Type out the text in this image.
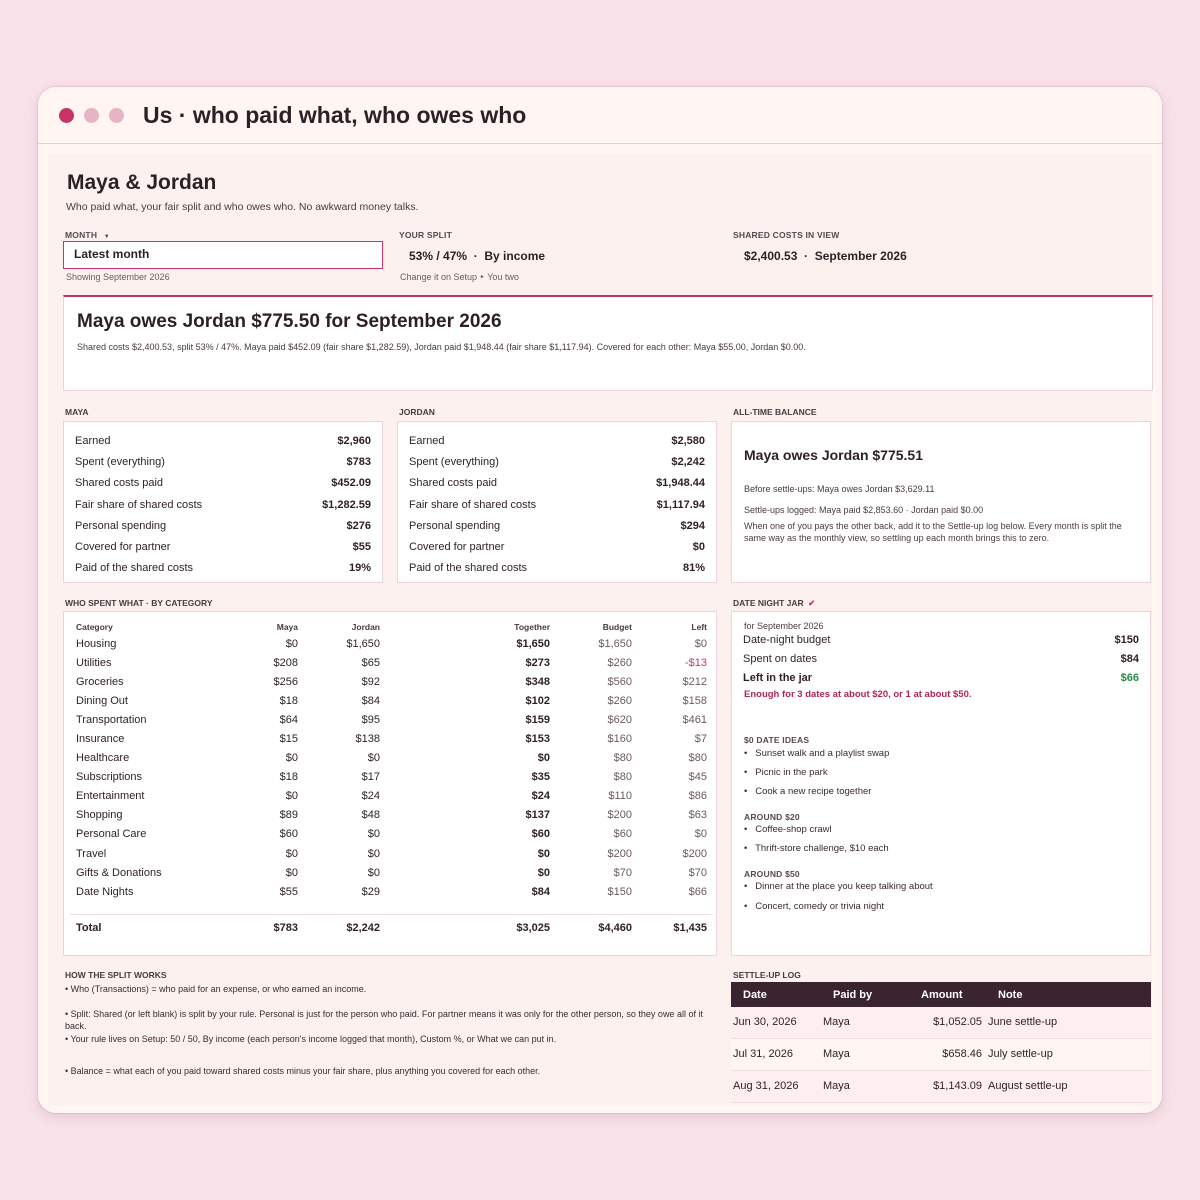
Us · who paid what, who owes who
Maya & Jordan
Who paid what, your fair split and who owes who. No awkward money talks.
MONTH ▼
Latest month
Showing September 2026
YOUR SPLIT
53% / 47%  ·  By income
Change it on Setup ‣ You two
SHARED COSTS IN VIEW
$2,400.53  ·  September 2026
Maya owes Jordan $775.50 for September 2026
Shared costs $2,400.53, split 53% / 47%. Maya paid $452.09 (fair share $1,282.59), Jordan paid $1,948.44 (fair share $1,117.94). Covered for each other: Maya $55.00, Jordan $0.00.
MAYA
Earned	$2,960
Spent (everything)	$783
Shared costs paid	$452.09
Fair share of shared costs	$1,282.59
Personal spending	$276
Covered for partner	$55
Paid of the shared costs	19%
JORDAN
Earned	$2,580
Spent (everything)	$2,242
Shared costs paid	$1,948.44
Fair share of shared costs	$1,117.94
Personal spending	$294
Covered for partner	$0
Paid of the shared costs	81%
ALL-TIME BALANCE
Maya owes Jordan $775.51
Before settle-ups: Maya owes Jordan $3,629.11
Settle-ups logged: Maya paid $2,853.60 · Jordan paid $0.00
When one of you pays the other back, add it to the Settle-up log below. Every month is split the same way as the monthly view, so settling up each month brings this to zero.
WHO SPENT WHAT · BY CATEGORY
Category	Maya	Jordan	Together	Budget	Left
Housing	$0	$1,650	$1,650	$1,650	$0
Utilities	$208	$65	$273	$260	-$13
Groceries	$256	$92	$348	$560	$212
Dining Out	$18	$84	$102	$260	$158
Transportation	$64	$95	$159	$620	$461
Insurance	$15	$138	$153	$160	$7
Healthcare	$0	$0	$0	$80	$80
Subscriptions	$18	$17	$35	$80	$45
Entertainment	$0	$24	$24	$110	$86
Shopping	$89	$48	$137	$200	$63
Personal Care	$60	$0	$60	$60	$0
Travel	$0	$0	$0	$200	$200
Gifts & Donations	$0	$0	$0	$70	$70
Date Nights	$55	$29	$84	$150	$66
Total	$783	$2,242	$3,025	$4,460	$1,435
DATE NIGHT JAR ✔
for September 2026
Date-night budget	$150
Spent on dates	$84
Left in the jar	$66
Enough for 3 dates at about $20, or 1 at about $50.
$0 DATE IDEAS
•   Sunset walk and a playlist swap
•   Picnic in the park
•   Cook a new recipe together
AROUND $20
•   Coffee-shop crawl
•   Thrift-store challenge, $10 each
AROUND $50
•   Dinner at the place you keep talking about
•   Concert, comedy or trivia night
HOW THE SPLIT WORKS
• Who (Transactions) = who paid for an expense, or who earned an income.
• Split: Shared (or left blank) is split by your rule. Personal is just for the person who paid. For partner means it was only for the other person, so they owe all of it back.
• Your rule lives on Setup: 50 / 50, By income (each person's income logged that month), Custom %, or What we can put in.
• Balance = what each of you paid toward shared costs minus your fair share, plus anything you covered for each other.
SETTLE-UP LOG
Date	Paid by	Amount	Note
Jun 30, 2026 Maya	$1,052.05 June settle-up
Jul 31, 2026	Maya	$658.46 July settle-up
Aug 31, 2026 Maya	$1,143.09 August settle-up
